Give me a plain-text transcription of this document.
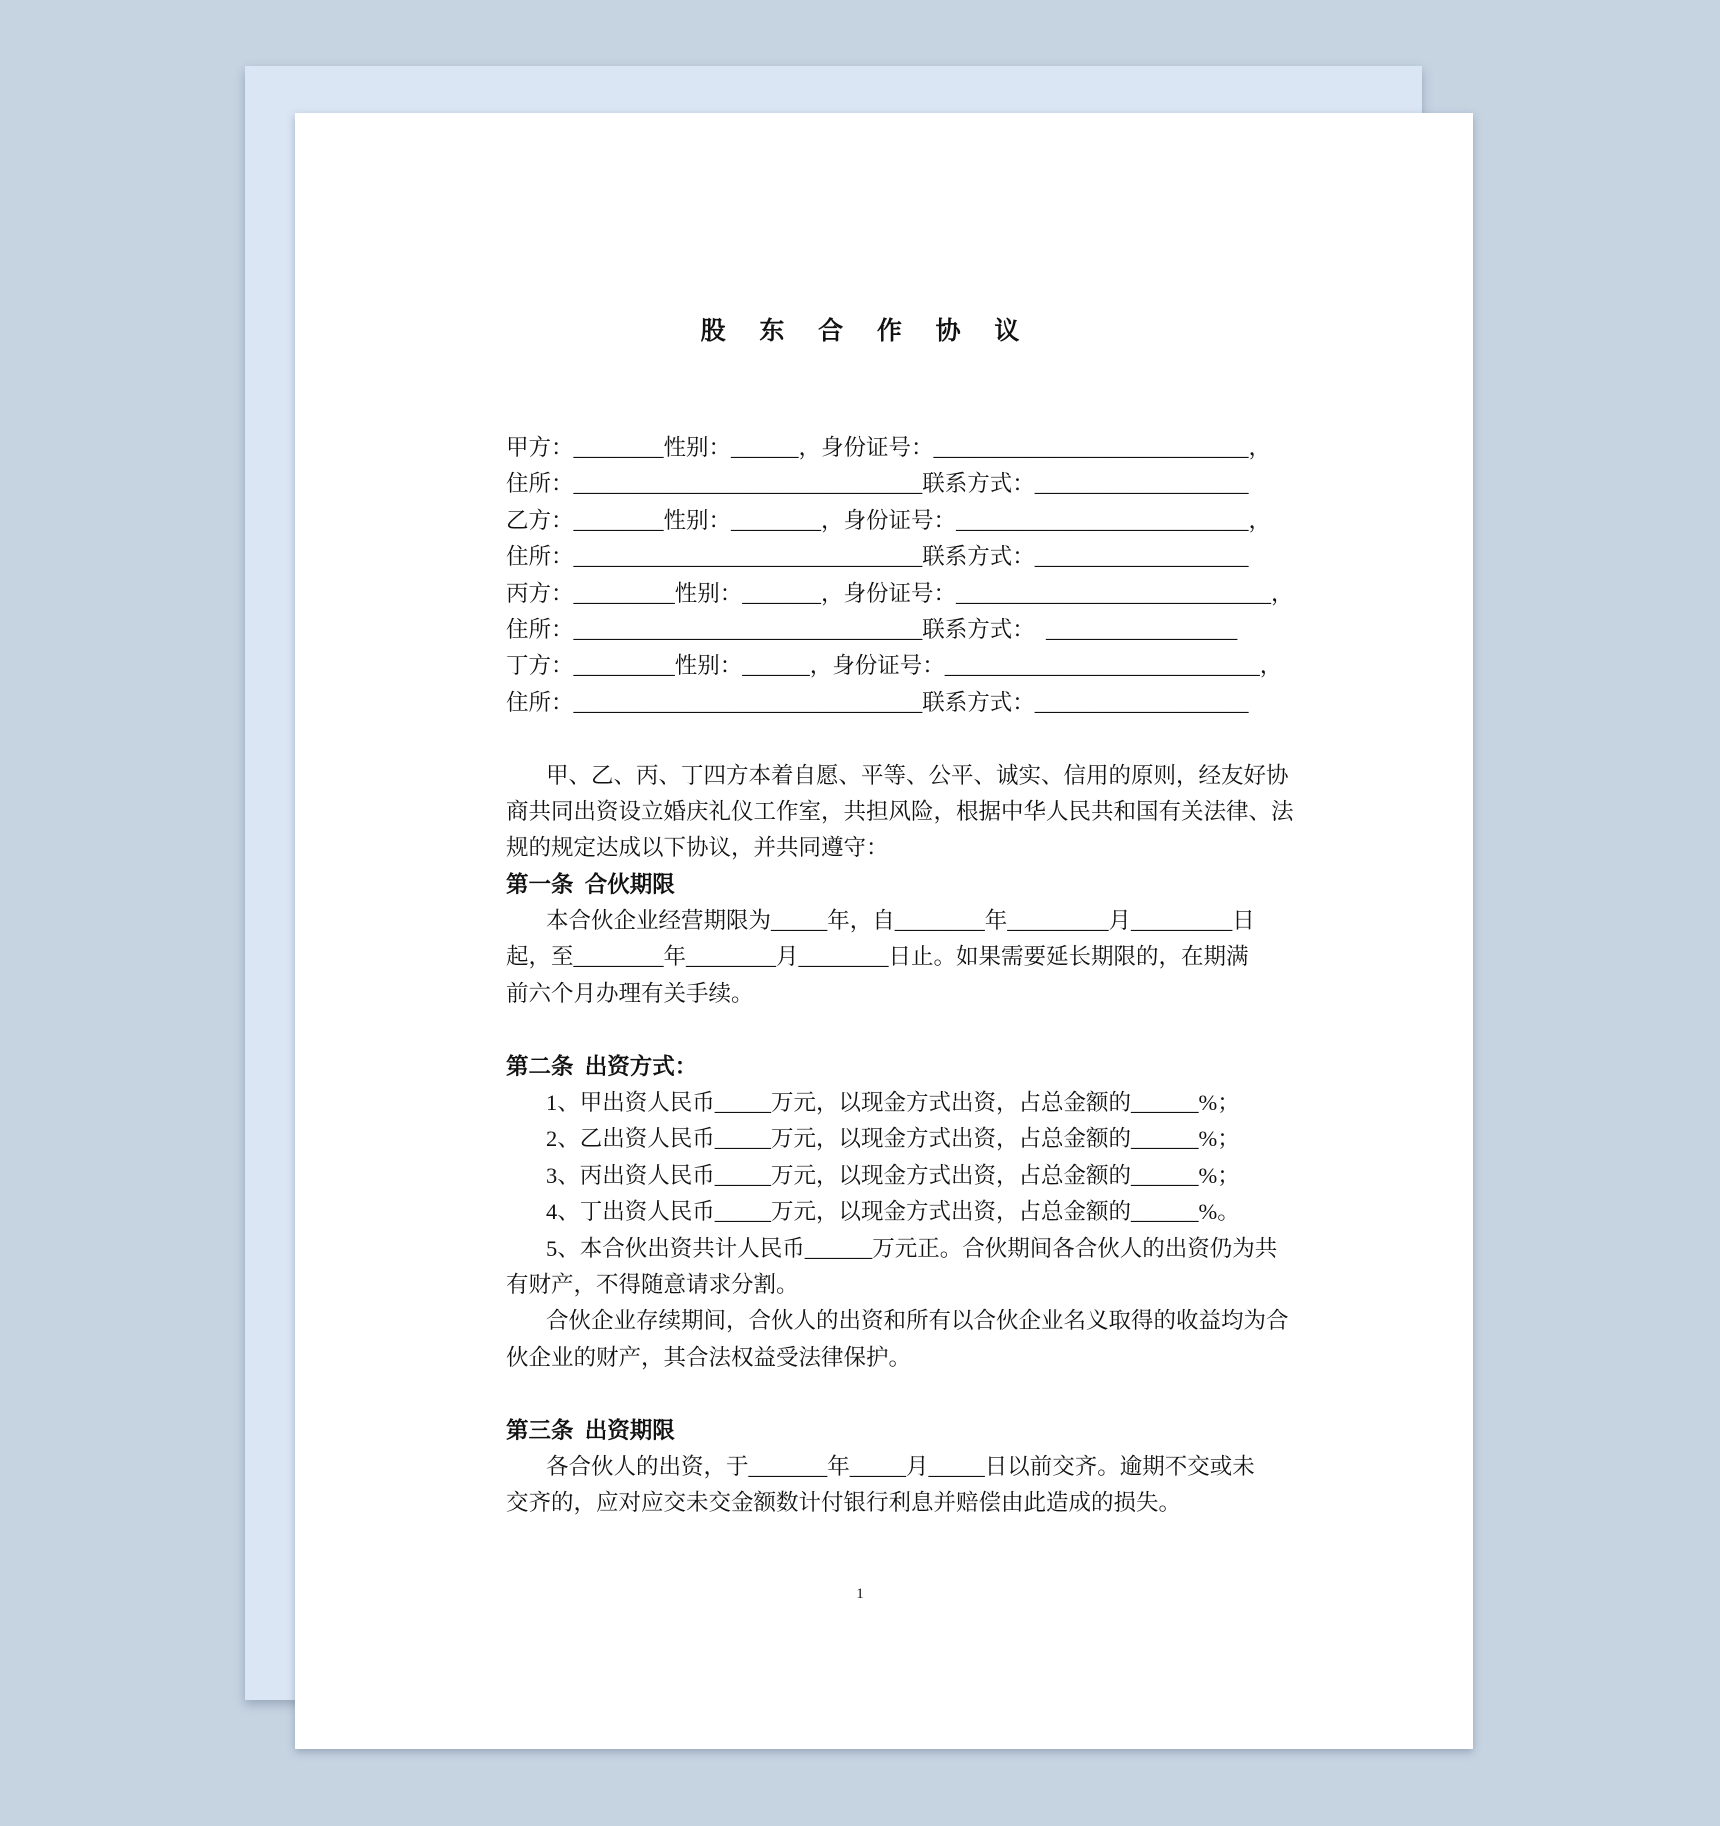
股 东 合 作 协 议
甲方：________性别：______，身份证号：____________________________，
住所：_______________________________联系方式：___________________
乙方：________性别：________，身份证号：__________________________，
住所：_______________________________联系方式：___________________
丙方：_________性别：_______，身份证号：____________________________，
住所：_______________________________联系方式：  _________________
丁方：_________性别：______，身份证号：____________________________，
住所：_______________________________联系方式：___________________
甲、乙、丙、丁四方本着自愿、平等、公平、诚实、信用的原则，经友好协
商共同出资设立婚庆礼仪工作室，共担风险，根据中华人民共和国有关法律、法
规的规定达成以下协议，并共同遵守：
第一条  合伙期限
本合伙企业经营期限为_____年，自________年_________月_________日
起，至________年________月________日止。如果需要延长期限的，在期满
前六个月办理有关手续。
第二条  出资方式：
1、甲出资人民币_____万元，以现金方式出资，占总金额的______%；
2、乙出资人民币_____万元，以现金方式出资，占总金额的______%；
3、丙出资人民币_____万元，以现金方式出资，占总金额的______%；
4、丁出资人民币_____万元，以现金方式出资，占总金额的______%。
5、本合伙出资共计人民币______万元正。合伙期间各合伙人的出资仍为共
有财产，不得随意请求分割。
合伙企业存续期间，合伙人的出资和所有以合伙企业名义取得的收益均为合
伙企业的财产，其合法权益受法律保护。
第三条  出资期限
各合伙人的出资，于_______年_____月_____日以前交齐。逾期不交或未
交齐的，应对应交未交金额数计付银行利息并赔偿由此造成的损失。
1
